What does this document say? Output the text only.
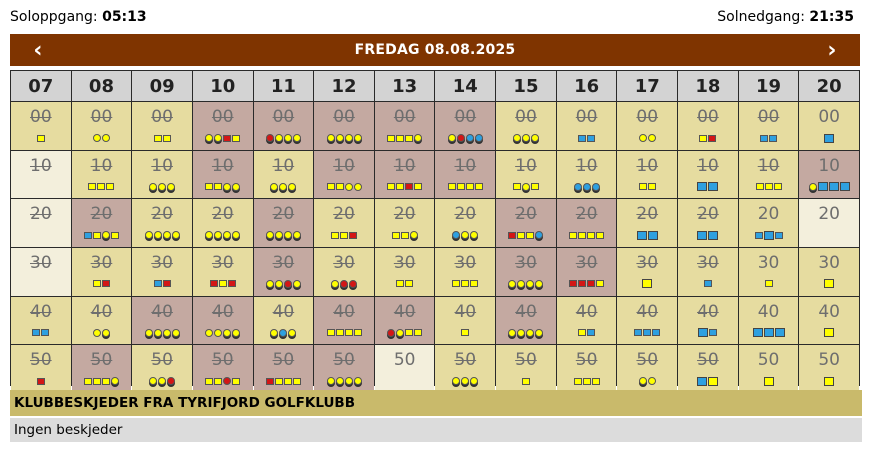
Soloppgang: 05:13	Solnedgang: 21:35
‹	FREDAG 08.08.2025	›
07	08	09	10	11	12	13	14	15	16	17	18	19	20
00 00 00 00 00 00 00 00 00 00 00 00 00 00
10 10 10 10 10 10 10 10 10 10 10 10 10 10
20 20 20 20 20 20 20 20 20 20 20 20 20 20
30 30 30 30 30 30 30 30 30 30 30 30 30 30
40 40 40 40 40 40 40 40 40 40 40 40 40 40
50 50 50 50 50 50 50 50 50 50 50 50 50 50
KLUBBESKJEDER FRA TYRIFJORD GOLFKLUBB
Ingen beskjeder
